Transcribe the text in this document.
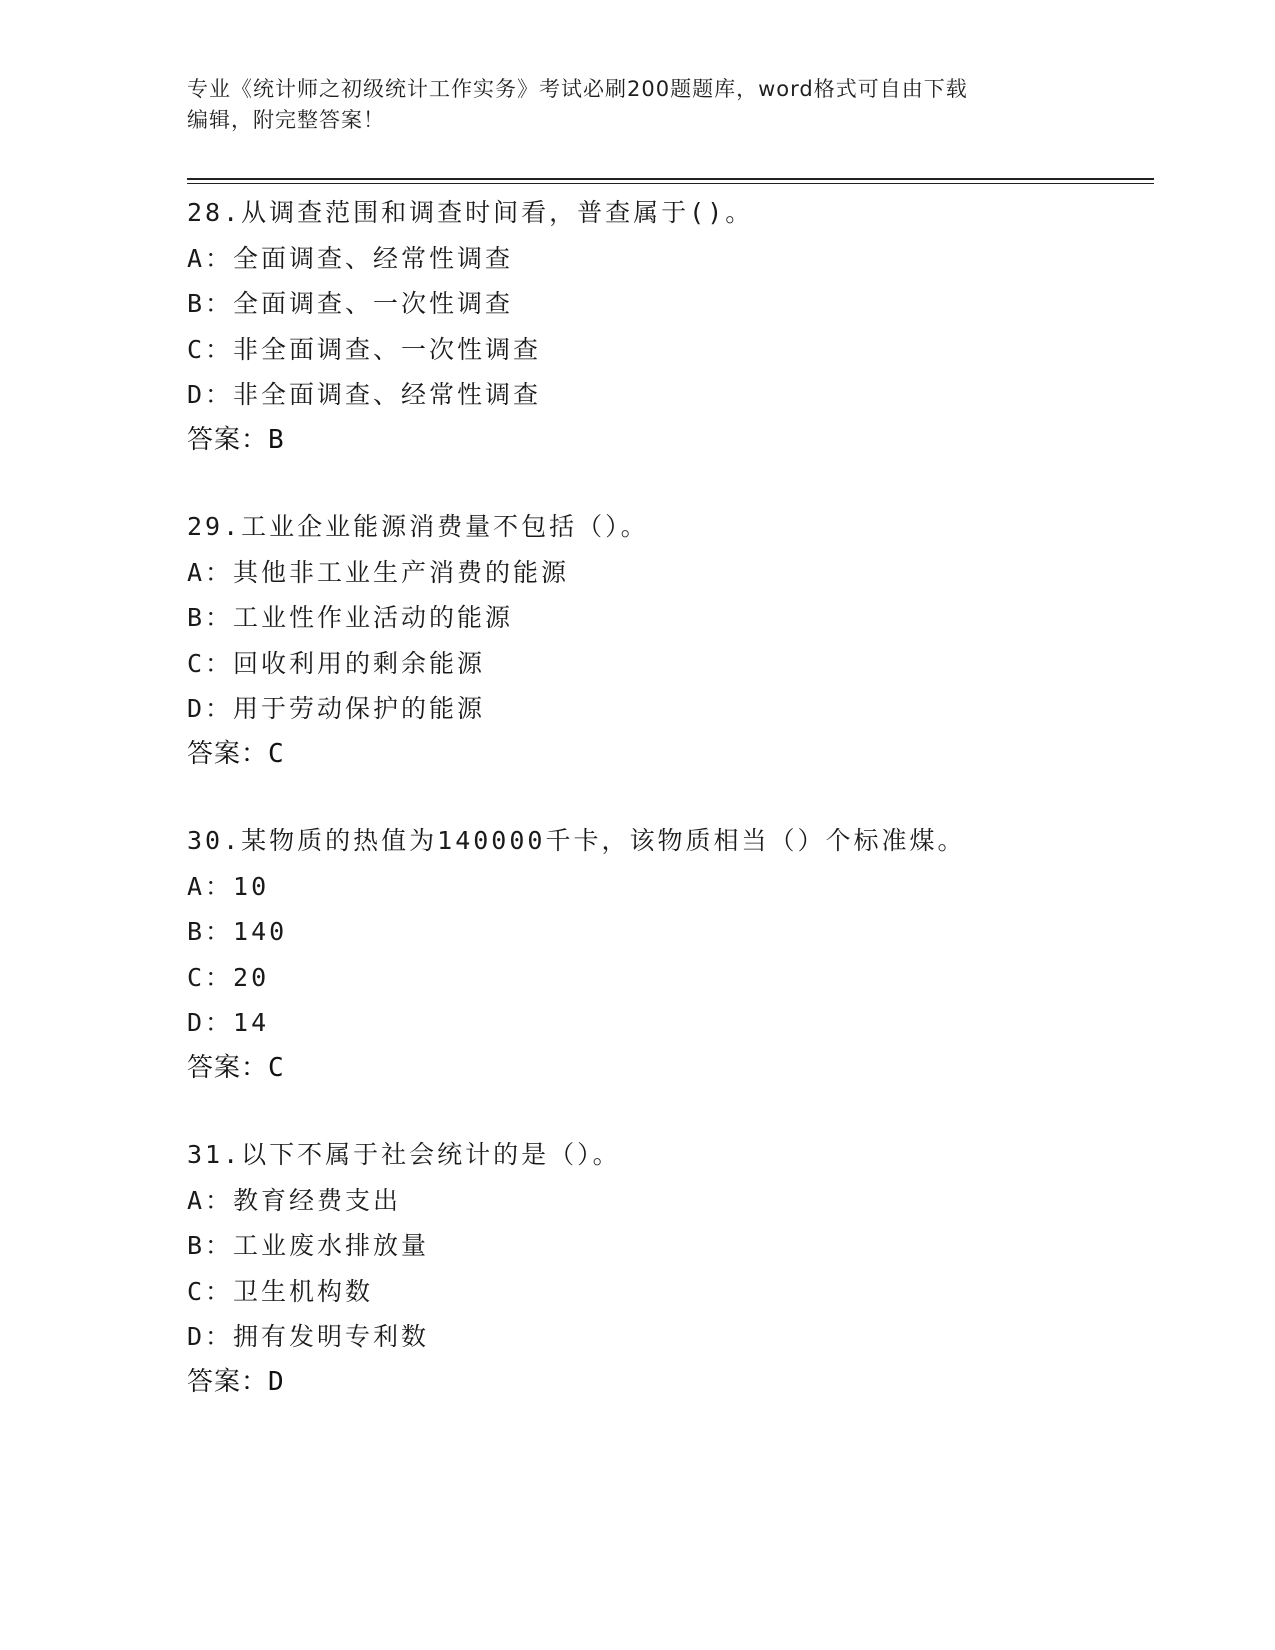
专业《统计师之初级统计工作实务》考试必刷200题题库，word格式可自由下载
编辑，附完整答案！
28.从调查范围和调查时间看，普查属于()。
A：全面调查、经常性调查
B：全面调查、一次性调查
C：非全面调查、一次性调查
D：非全面调查、经常性调查
答案：B
29.工业企业能源消费量不包括（）。
A：其他非工业生产消费的能源
B：工业性作业活动的能源
C：回收利用的剩余能源
D：用于劳动保护的能源
答案：C
30.某物质的热值为140000千卡，该物质相当（）个标准煤。
A：10
B：140
C：20
D：14
答案：C
31.以下不属于社会统计的是（）。
A：教育经费支出
B：工业废水排放量
C：卫生机构数
D：拥有发明专利数
答案：D
